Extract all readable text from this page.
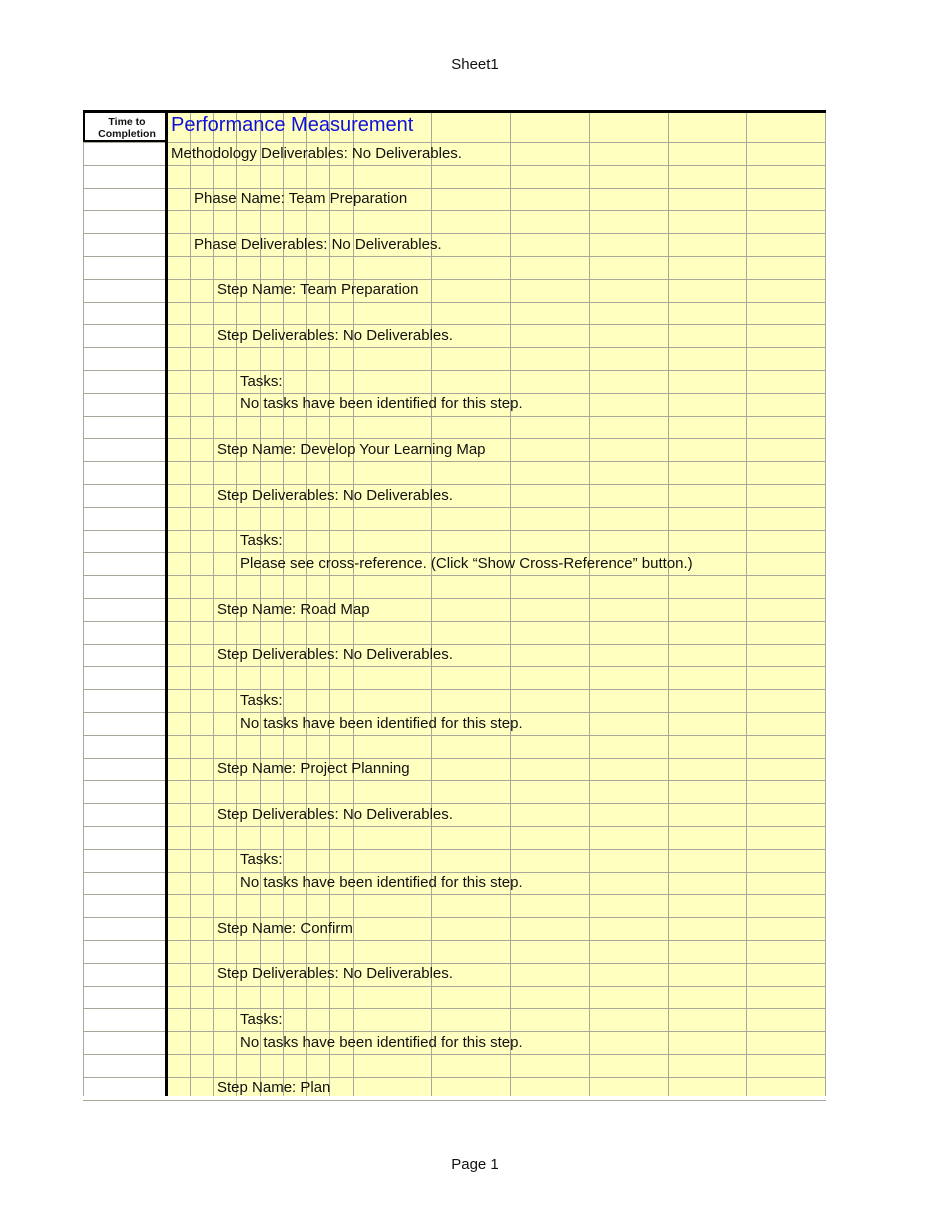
Sheet1
Time to Completion Performance Measurement
Methodology Deliverables: No Deliverables.
Phase Name: Team Preparation
Phase Deliverables: No Deliverables.
Step Name: Team Preparation
Step Deliverables: No Deliverables.
Tasks:
No tasks have been identified for this step.
Step Name: Develop Your Learning Map
Step Deliverables: No Deliverables.
Tasks:
Please see cross-reference. (Click “Show Cross-Reference” button.)
Step Name: Road Map
Step Deliverables: No Deliverables.
Tasks:
No tasks have been identified for this step.
Step Name: Project Planning
Step Deliverables: No Deliverables.
Tasks:
No tasks have been identified for this step.
Step Name: Confirm
Step Deliverables: No Deliverables.
Tasks:
No tasks have been identified for this step.
Step Name: Plan
Page 1
